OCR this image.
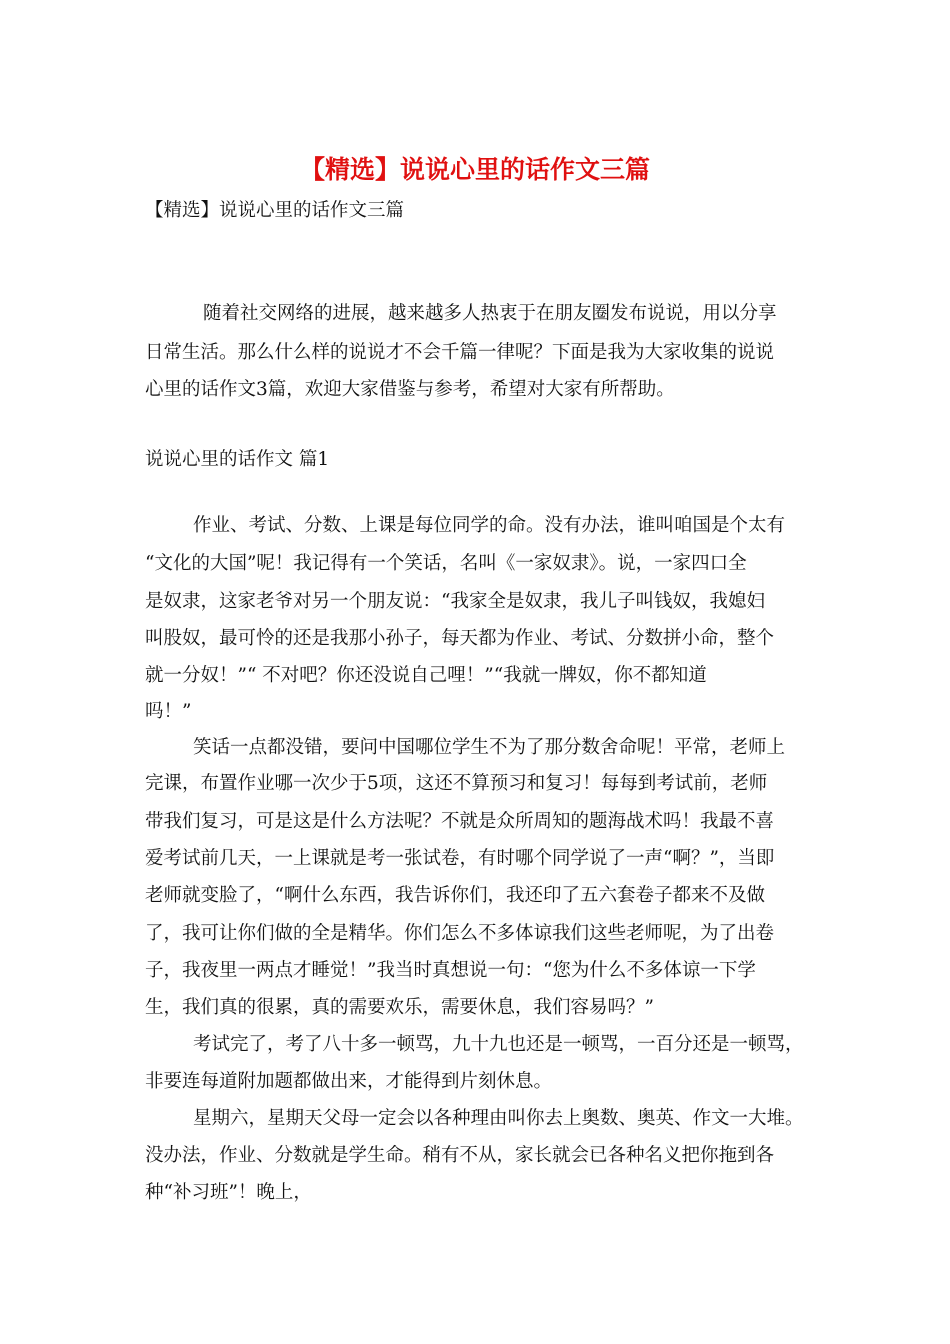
【精选】说说心里的话作文三篇
【精选】说说心里的话作文三篇
随着社交网络的进展，越来越多人热衷于在朋友圈发布说说，用以分享
日常生活。那么什么样的说说才不会千篇一律呢？下面是我为大家收集的说说
心里的话作文3篇，欢迎大家借鉴与参考，希望对大家有所帮助。
说说心里的话作文 篇1
作业、考试、分数、上课是每位同学的命。没有办法，谁叫咱国是个太有
“文化的大国”呢！我记得有一个笑话，名叫《一家奴隶》。说，一家四口全
是奴隶，这家老爷对另一个朋友说：“我家全是奴隶，我儿子叫钱奴，我媳妇
叫股奴，最可怜的还是我那小孙子，每天都为作业、考试、分数拼小命，整个
就一分奴！”“ 不对吧？你还没说自己哩！”“我就一牌奴，你不都知道
吗！”
笑话一点都没错，要问中国哪位学生不为了那分数舍命呢！平常，老师上
完课，布置作业哪一次少于5项，这还不算预习和复习！每每到考试前，老师
带我们复习，可是这是什么方法呢？不就是众所周知的题海战术吗！我最不喜
爱考试前几天，一上课就是考一张试卷，有时哪个同学说了一声“啊？”，当即
老师就变脸了，“啊什么东西，我告诉你们，我还印了五六套卷子都来不及做
了，我可让你们做的全是精华。你们怎么不多体谅我们这些老师呢，为了出卷
子，我夜里一两点才睡觉！”我当时真想说一句：“您为什么不多体谅一下学
生，我们真的很累，真的需要欢乐，需要休息，我们容易吗？”
考试完了，考了八十多一顿骂，九十九也还是一顿骂，一百分还是一顿骂，
非要连每道附加题都做出来，才能得到片刻休息。
星期六，星期天父母一定会以各种理由叫你去上奥数、奥英、作文一大堆。
没办法，作业、分数就是学生命。稍有不从，家长就会已各种名义把你拖到各
种“补习班”！晚上，
